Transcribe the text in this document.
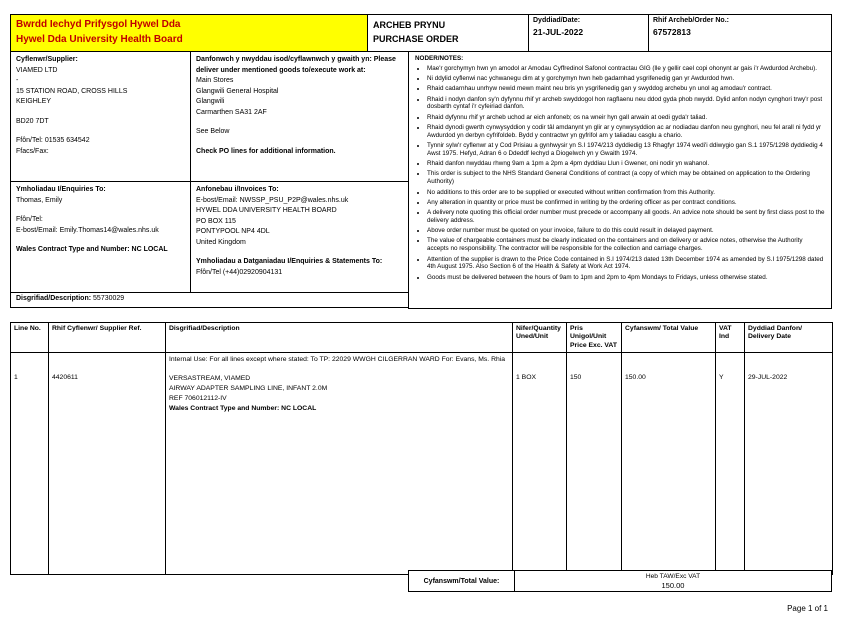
Bwrdd Iechyd Prifysgol Hywel Dda
Hywel Dda University Health Board
ARCHEB PRYNU
PURCHASE ORDER
Dyddiad/Date:
21-JUL-2022
Rhif Archeb/Order No.:
67572813
Cyflenwr/Supplier:
VIAMED LTD
-
15 STATION ROAD, CROSS HILLS
KEIGHLEY
BD20 7DT
Ffôn/Tel: 01535 634542
Ffacs/Fax:
Danfonwch y nwyddau isod/cyflawnwch y gwaith yn: Please deliver under mentioned goods to/execute work at:
Main Stores
Glangwili General Hospital
Glangwili
Carmarthen SA31 2AF
See Below
Check PO lines for additional information.
NODER/NOTES:
• Mae'r gorchymyn hwn yn amodol ar Amodau Cyffredinol Safonol contractau GIG (lle y gellir cael copi ohonynt ar gais i'r Awdurdod Archebu).
• Ni ddylid cyflenwi nac ychwanegu dim at y gorchymyn hwn heb gadarnhad ysgrifenedig gan yr Awdurdod hwn.
• Rhaid cadarnhau unrhyw newid mewn maint neu bris yn ysgrifenedig gan y swyddog archebu yn unol ag amodau'r contract.
• Rhaid i nodyn danfon sy'n dyfynnu rhif yr archeb swyddogol hon ragflaenu neu ddod gyda phob nwydd. Dylid anfon nodyn cynghori trwy'r post dosbarth cyntaf i'r cyfeiriad danfon.
• Rhaid dyfynnu rhif yr archeb uchod ar eich anfoneb; os na wneir hyn gall arwain at oedi gyda'r taliad.
• Rhaid dynodi gwerth cynwysyddion y codir tâl amdanynt yn glir ar y cynwysyddion ac ar nodiadau danfon neu gynghori, neu fel arall ni fydd yr Awdurdod yn derbyn cyfrifoldeb. Bydd y contractwr yn gyfrifol am y taliadau casglu a chario.
• Tynnir sylw'r cyflenwr at y Cod Prisiau a gynhwysir yn S.I 1974/213 dyddiedig 13 Rhagfyr 1974 wedi'i ddiwygio gan S.1 1975/1298 dyddiedig 4 Awst 1975. Hefyd, Adran 6 o Ddeddf Iechyd a Diogelwch yn y Gwaith 1974.
• Rhaid danfon nwyddau rhwng 9am a 1pm a 2pm a 4pm dyddiau Llun i Gwener, oni nodir yn wahanol.
• This order is subject to the NHS Standard General Conditions of contract (a copy of which may be obtained on application to the Ordering Authority)
• No additions to this order are to be supplied or executed without written confirmation from this Authority.
• Any alteration in quantity or price must be confirmed in writing by the ordering officer as per contract conditions.
• A delivery note quoting this official order number must precede or accompany all goods. An advice note should be sent by first class post to the delivery address.
• Above order number must be quoted on your invoice, failure to do this could result in delayed payment.
• The value of chargeable containers must be clearly indicated on the containers and on delivery or advice notes, otherwise the Authority accepts no responsibility. The contractor will be responsible for the collection and carriage charges.
• Attention of the supplier is drawn to the Price Code contained in S.I 1974/213 dated 13th December 1974 as amended by S.I 1975/1298 dated 4th August 1975. Also Section 6 of the Health & Safety at Work Act 1974.
• Goods must be delivered between the hours of 9am to 1pm and 2pm to 4pm Mondays to Fridays, unless otherwise stated.
Ymholiadau I/Enquiries To:
Thomas, Emily
Ffôn/Tel:
E-bost/Email: Emily.Thomas14@wales.nhs.uk
Wales Contract Type and Number: NC LOCAL
Anfonebau i/Invoices To:
E-bost/Email: NWSSP_PSU_P2P@wales.nhs.uk
HYWEL DDA UNIVERSITY HEALTH BOARD
PO BOX 115
PONTYPOOL NP4 4DL
United Kingdom
Ymholiadau a Datganiadau I/Enquiries & Statements To:
Ffôn/Tel (+44)02920904131
Disgrifiad/Description: 55730029
Line No.	Rhif Cyflenwr/ Supplier Ref.	Disgrifiad/Description	Nifer/Quantity Uned/Unit	Pris Unigol/Unit Price Exc. VAT	Cyfanswm/ Total Value	VAT Ind	Dyddiad Danfon/ Delivery Date

1	4420611	Internal Use: For all lines except where stated: To TP: 22029 WWGH CILGERRAN WARD For: Evans, Ms. Rhia
VERSASTREAM, VIAMED
AIRWAY ADAPTER SAMPLING LINE, INFANT 2.0M
REF 706012112-IV
Wales Contract Type and Number: NC LOCAL	1 BOX	150	150.00	Y	29-JUL-2022
Cyfanswm/Total Value:
Heb TAW/Exc VAT
150.00
Page 1 of 1
